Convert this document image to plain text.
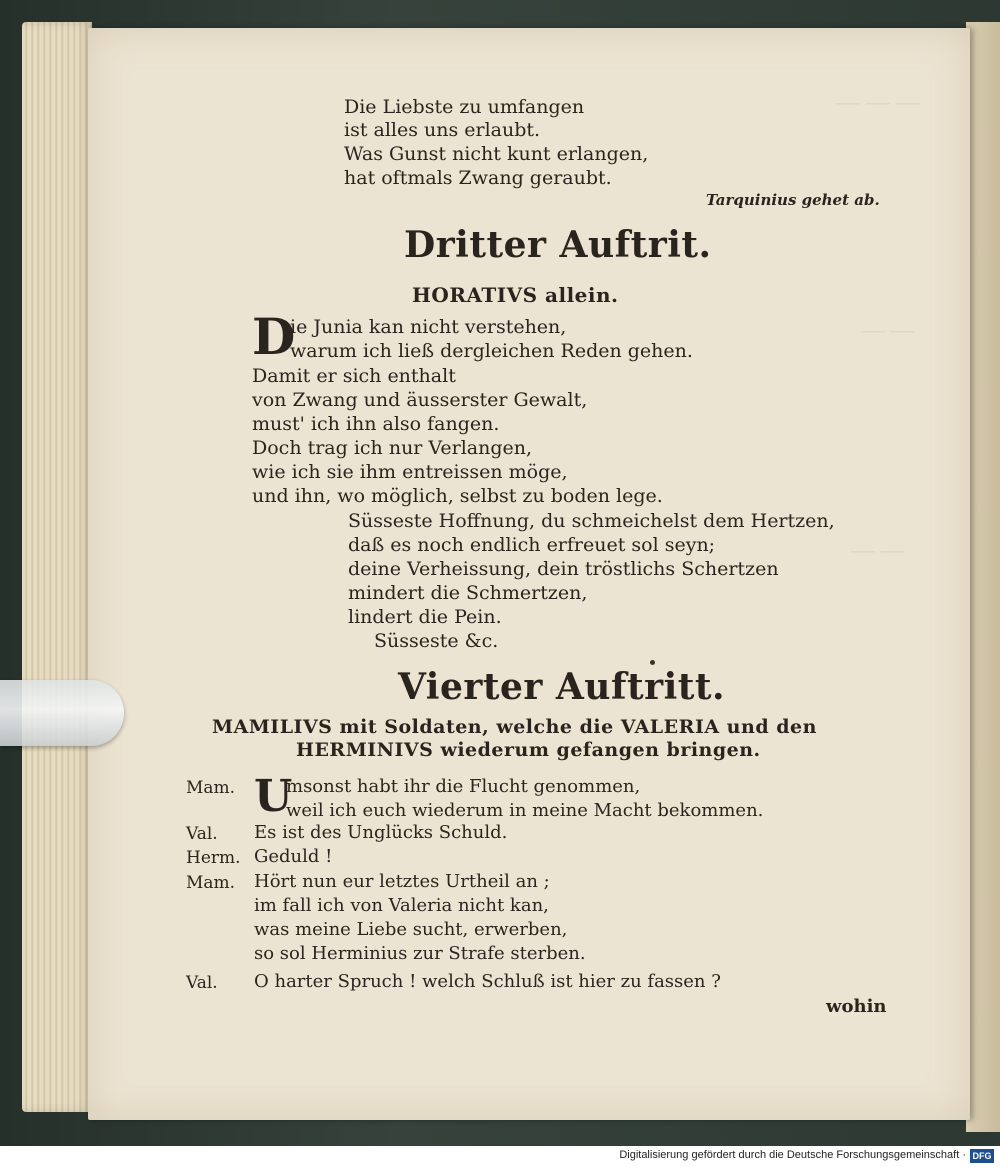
⸺ ⸺ ⸺
⸺ ⸺
⸺ ⸺
Die Liebste zu umfangen
ist alles uns erlaubt.
Was Gunst nicht kunt erlangen,
hat oftmals Zwang geraubt.
Tarquinius gehet ab.
Dritter Auftrit.
HORATIVS allein.
D
ie Junia kan nicht verstehen,
warum ich ließ dergleichen Reden gehen.
Damit er sich enthalt
von Zwang und äusserster Gewalt,
must' ich ihn also fangen.
Doch trag ich nur Verlangen,
wie ich sie ihm entreissen möge,
und ihn, wo möglich, selbst zu boden lege.
Süsseste Hoffnung, du schmeichelst dem Hertzen,
daß es noch endlich erfreuet sol seyn;
deine Verheissung, dein tröstlichs Schertzen
mindert die Schmertzen,
lindert die Pein.
Süsseste &c.
Vierter Auftritt.
MAMILIVS mit Soldaten, welche die VALERIA und den
HERMINIVS wiederum gefangen bringen.
Mam. U
msonst habt ihr die Flucht genommen,
weil ich euch wiederum in meine Macht bekommen.
Val. Es ist des Unglücks Schuld.
Herm. Geduld !
Mam. Hört nun eur letztes Urtheil an ;
im fall ich von Valeria nicht kan,
was meine Liebe sucht, erwerben,
so sol Herminius zur Strafe sterben.
Val. O harter Spruch ! welch Schluß ist hier zu fassen ?
wohin
Digitalisierung gefördert durch die Deutsche Forschungsgemeinschaft · DFG
